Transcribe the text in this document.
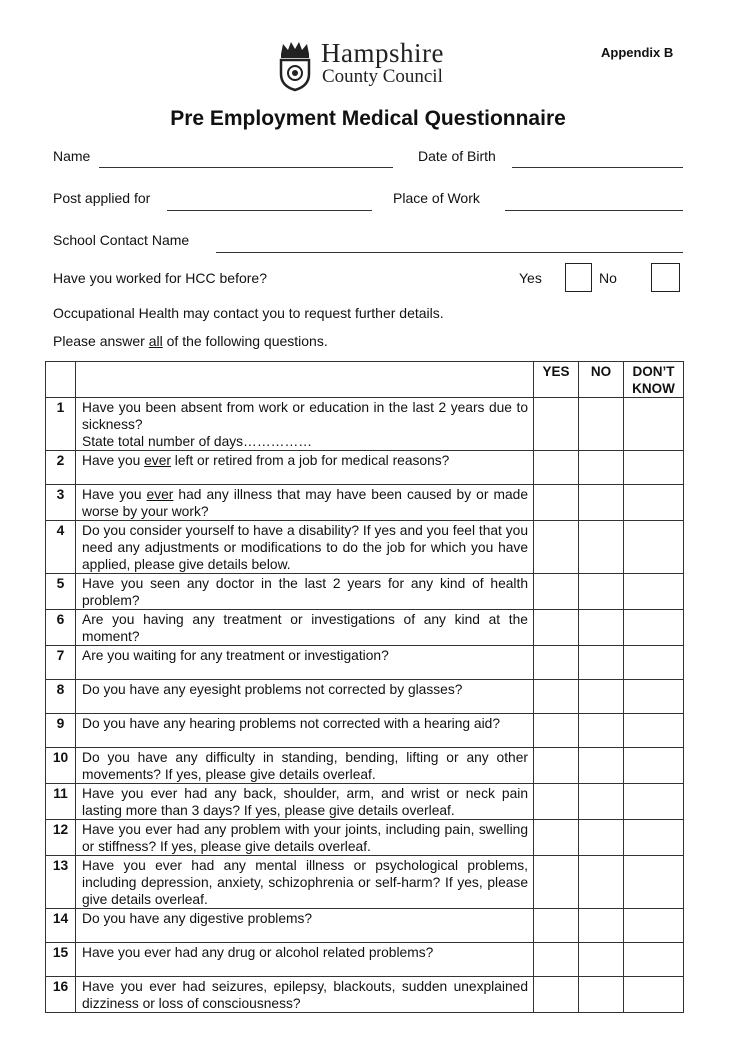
Appendix B
Hampshire
County Council
Pre Employment Medical Questionnaire
Name	Date of Birth
Post applied for	Place of Work
School Contact Name
Have you worked for HCC before?	Yes	No
Occupational Health may contact you to request further details.
Please answer all of the following questions.
		YES	NO	DON’T KNOW
1	Have you been absent from work or education in the last 2 years due to sickness?
State total number of days……………			
2	Have you ever left or retired from a job for medical reasons?			
3	Have you ever had any illness that may have been caused by or made worse by your work?			
4	Do you consider yourself to have a disability? If yes and you feel that you need any adjustments or modifications to do the job for which you have applied, please give details below.			
5	Have you seen any doctor in the last 2 years for any kind of health problem?			
6	Are you having any treatment or investigations of any kind at the moment?			
7	Are you waiting for any treatment or investigation?			
8	Do you have any eyesight problems not corrected by glasses?			
9	Do you have any hearing problems not corrected with a hearing aid?			
10	Do you have any difficulty in standing, bending, lifting or any other movements? If yes, please give details overleaf.			
11	Have you ever had any back, shoulder, arm, and wrist or neck pain lasting more than 3 days? If yes, please give details overleaf.			
12	Have you ever had any problem with your joints, including pain, swelling or stiffness? If yes, please give details overleaf.			
13	Have you ever had any mental illness or psychological problems, including depression, anxiety, schizophrenia or self-harm? If yes, please give details overleaf.			
14	Do you have any digestive problems?			
15	Have you ever had any drug or alcohol related problems?			
16	Have you ever had seizures, epilepsy, blackouts, sudden unexplained dizziness or loss of consciousness?			
